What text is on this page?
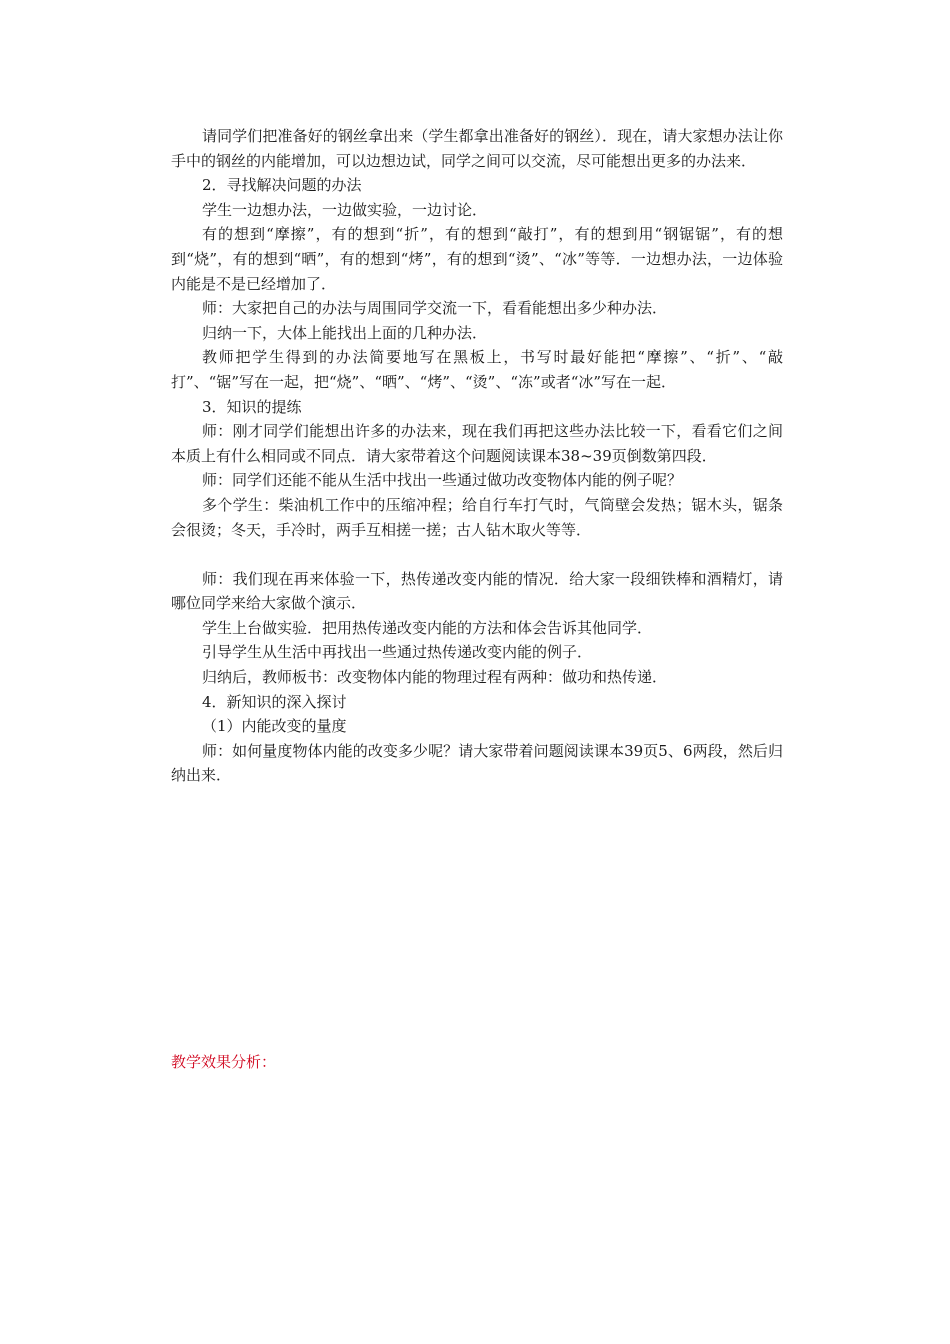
请同学们把准备好的钢丝拿出来（学生都拿出准备好的钢丝）．现在，请大家想办法让你手中的钢丝的内能增加，可以边想边试，同学之间可以交流，尽可能想出更多的办法来．

2．寻找解决问题的办法

学生一边想办法，一边做实验，一边讨论．

有的想到“摩擦”，有的想到“折”，有的想到“敲打”，有的想到用“钢锯锯”，有的想到“烧”，有的想到“晒”，有的想到“烤”，有的想到“烫”、“冰”等等．一边想办法，一边体验内能是不是已经增加了．

师：大家把自己的办法与周围同学交流一下，看看能想出多少种办法．

归纳一下，大体上能找出上面的几种办法．

教师把学生得到的办法简要地写在黑板上，书写时最好能把“摩擦”、“折”、“敲打”、“锯”写在一起，把“烧”、“晒”、“烤”、“烫”、“冻”或者“冰”写在一起．

3．知识的提练

师：刚才同学们能想出许多的办法来，现在我们再把这些办法比较一下，看看它们之间本质上有什么相同或不同点．请大家带着这个问题阅读课本38~39页倒数第四段．

师：同学们还能不能从生活中找出一些通过做功改变物体内能的例子呢？

多个学生：柴油机工作中的压缩冲程；给自行车打气时，气筒壁会发热；锯木头，锯条会很烫；冬天，手冷时，两手互相搓一搓；古人钻木取火等等．

师：我们现在再来体验一下，热传递改变内能的情况．给大家一段细铁棒和酒精灯，请哪位同学来给大家做个演示．

学生上台做实验．把用热传递改变内能的方法和体会告诉其他同学．

引导学生从生活中再找出一些通过热传递改变内能的例子．

归纳后，教师板书：改变物体内能的物理过程有两种：做功和热传递．

4．新知识的深入探讨

（1）内能改变的量度

师：如何量度物体内能的改变多少呢？请大家带着问题阅读课本39页5、6两段，然后归纳出来．

教学效果分析：
